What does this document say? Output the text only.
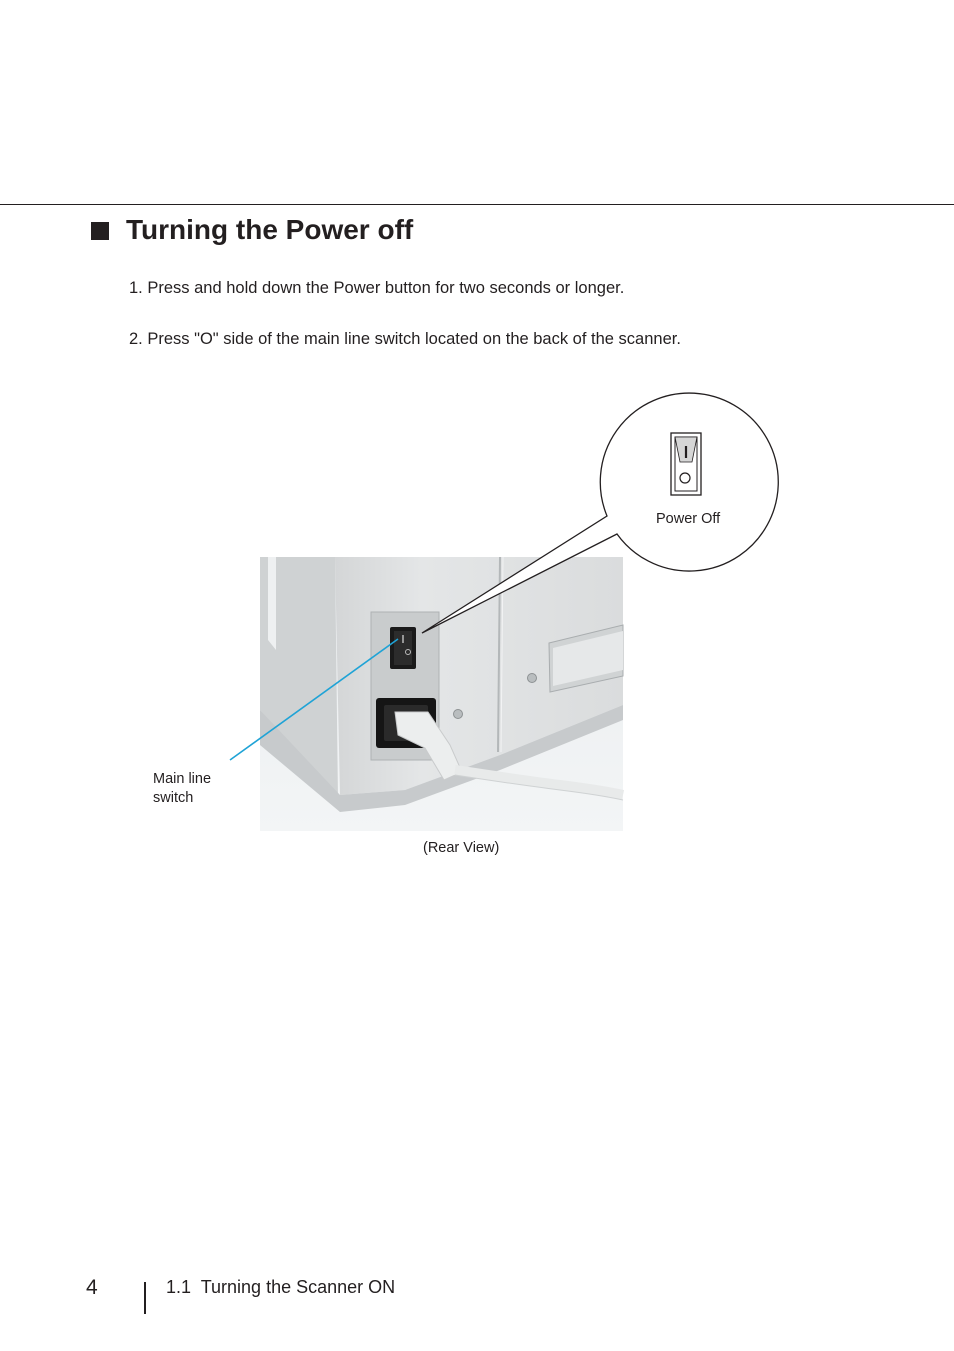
Turning the Power off
1. Press and hold down the Power button for two seconds or longer.
2. Press "O" side of the main line switch located on the back of the scanner.
Power Off
Main line
switch
(Rear View)
4	1.1  Turning the Scanner ON
